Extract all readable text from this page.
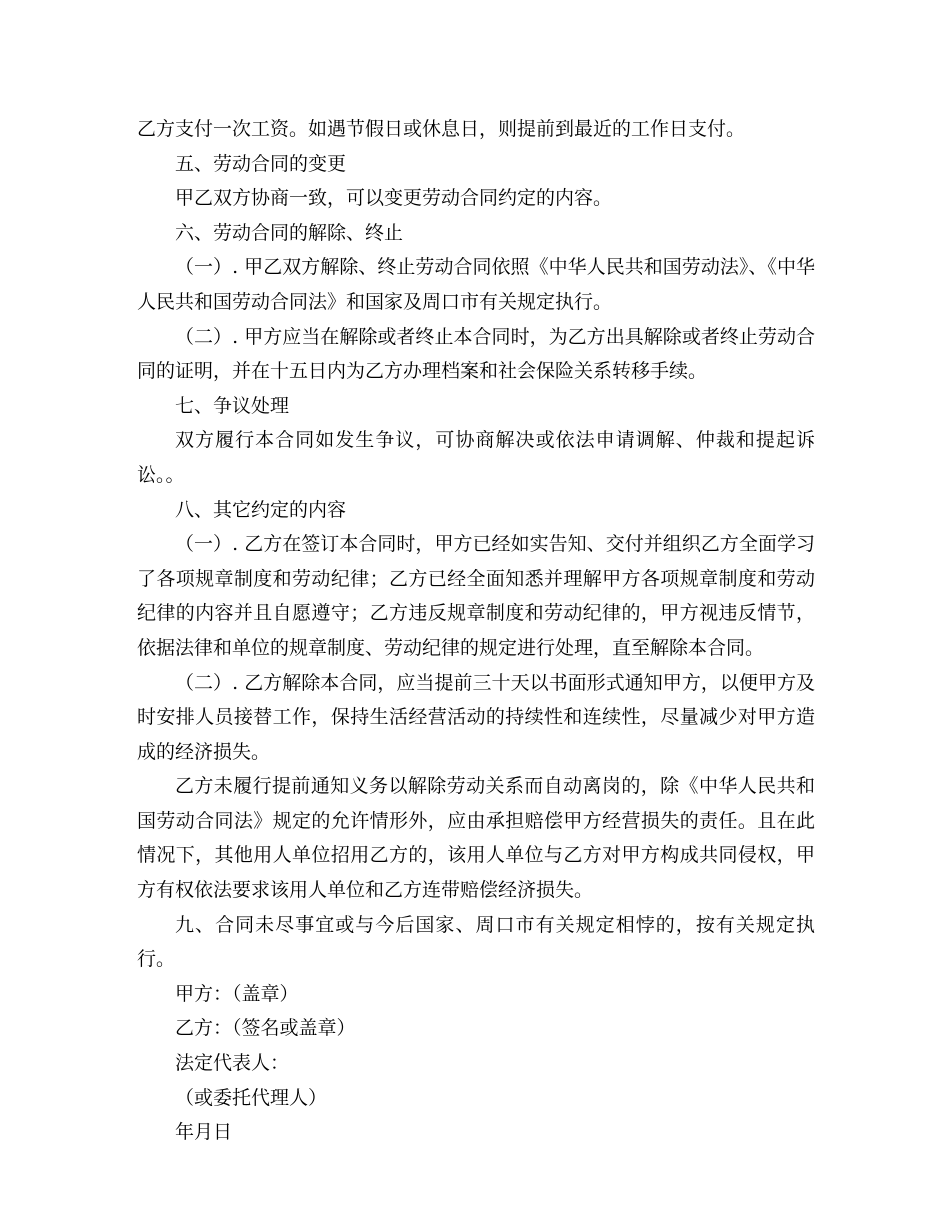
乙方支付一次工资。如遇节假日或休息日，则提前到最近的工作日支付。

五、劳动合同的变更

甲乙双方协商一致，可以变更劳动合同约定的内容。

六、劳动合同的解除、终止

（一）. 甲乙双方解除、终止劳动合同依照《中华人民共和国劳动法》、《中华人民共和国劳动合同法》和国家及周口市有关规定执行。

（二）. 甲方应当在解除或者终止本合同时，为乙方出具解除或者终止劳动合同的证明，并在十五日内为乙方办理档案和社会保险关系转移手续。

七、争议处理

双方履行本合同如发生争议，可协商解决或依法申请调解、仲裁和提起诉讼。。

八、其它约定的内容

（一）. 乙方在签订本合同时，甲方已经如实告知、交付并组织乙方全面学习了各项规章制度和劳动纪律；乙方已经全面知悉并理解甲方各项规章制度和劳动纪律的内容并且自愿遵守；乙方违反规章制度和劳动纪律的，甲方视违反情节，依据法律和单位的规章制度、劳动纪律的规定进行处理，直至解除本合同。

（二）. 乙方解除本合同，应当提前三十天以书面形式通知甲方，以便甲方及时安排人员接替工作，保持生活经营活动的持续性和连续性，尽量减少对甲方造成的经济损失。

乙方未履行提前通知义务以解除劳动关系而自动离岗的，除《中华人民共和国劳动合同法》规定的允许情形外，应由承担赔偿甲方经营损失的责任。且在此情况下，其他用人单位招用乙方的，该用人单位与乙方对甲方构成共同侵权，甲方有权依法要求该用人单位和乙方连带赔偿经济损失。

九、合同未尽事宜或与今后国家、周口市有关规定相悖的，按有关规定执行。

甲方：（盖章）

乙方：（签名或盖章）

法定代表人：

（或委托代理人）

年月日
